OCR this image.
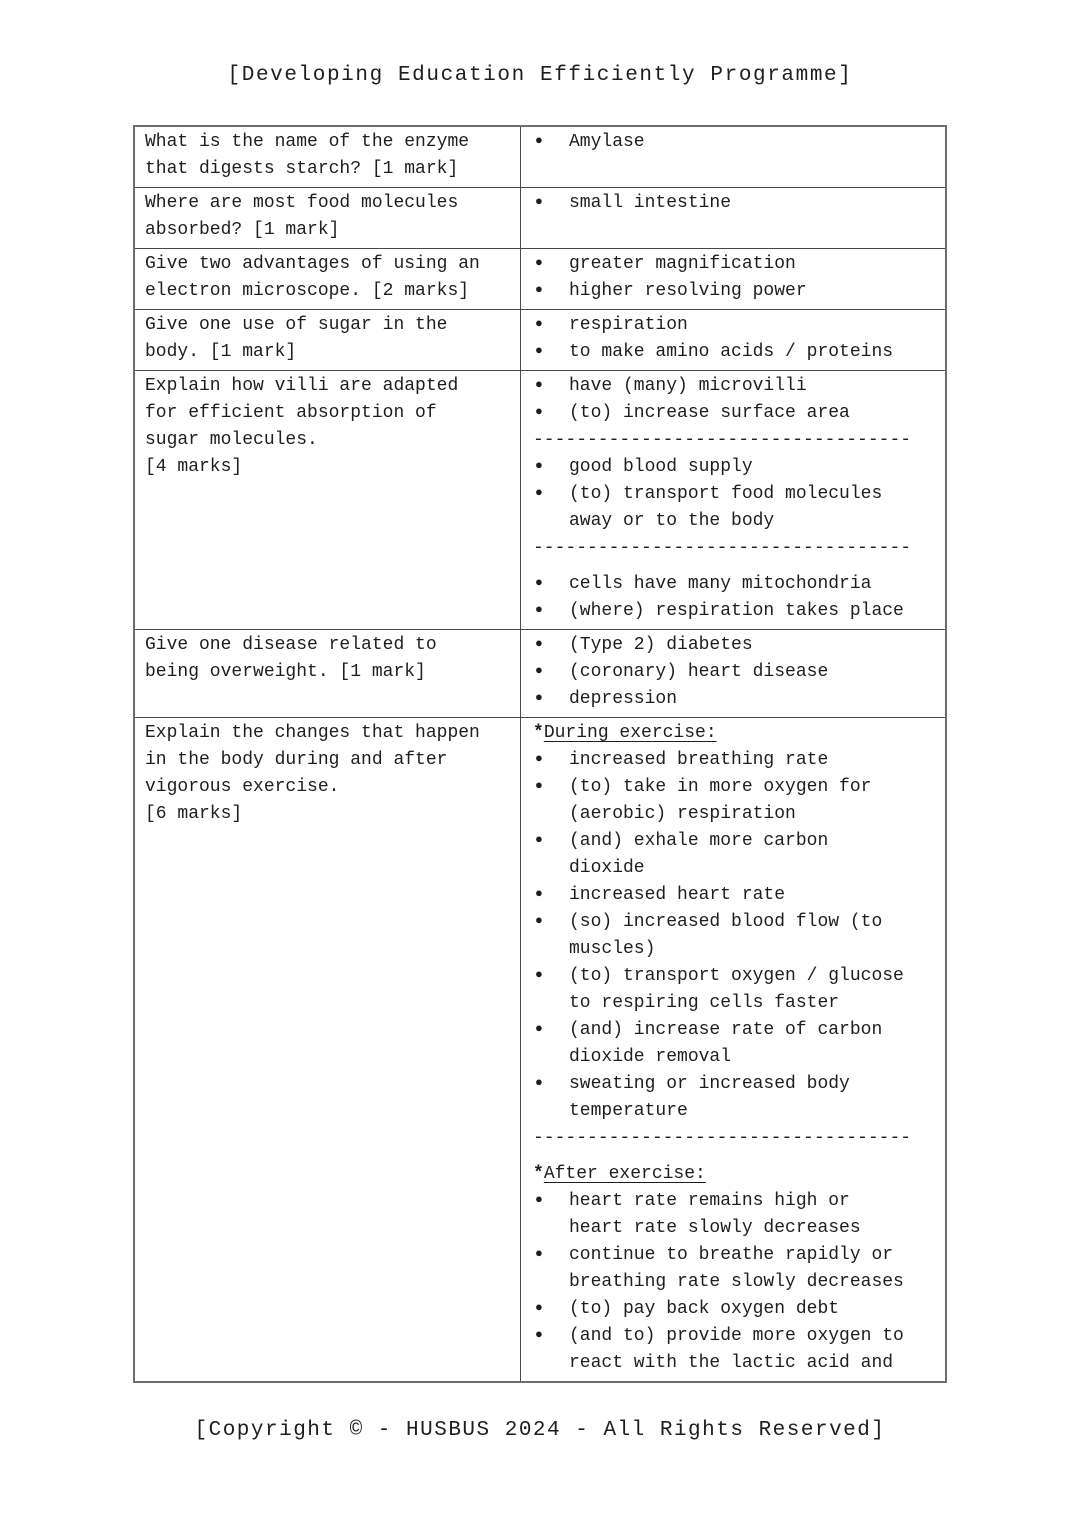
[Developing Education Efficiently Programme]
What is the name of the enzyme
that digests starch? [1 mark]

● Amylase

Where are most food molecules
absorbed? [1 mark]

● small intestine

Give two advantages of using an
electron microscope. [2 marks]

● greater magnification
● higher resolving power

Give one use of sugar in the
body. [1 mark]

● respiration
● to make amino acids / proteins

Explain how villi are adapted
for efficient absorption of
sugar molecules.
[4 marks]

● have (many) microvilli
● (to) increase surface area
-----------------------------------
● good blood supply
● (to) transport food molecules
away or to the body
-----------------------------------
● cells have many mitochondria
● (where) respiration takes place

Give one disease related to
being overweight. [1 mark]

● (Type 2) diabetes
● (coronary) heart disease
● depression

Explain the changes that happen
in the body during and after
vigorous exercise.
[6 marks]

*During exercise:
● increased breathing rate
● (to) take in more oxygen for
(aerobic) respiration
● (and) exhale more carbon
dioxide
● increased heart rate
● (so) increased blood flow (to
muscles)
● (to) transport oxygen / glucose
to respiring cells faster
● (and) increase rate of carbon
dioxide removal
● sweating or increased body
temperature
-----------------------------------
*After exercise:
● heart rate remains high or
heart rate slowly decreases
● continue to breathe rapidly or
breathing rate slowly decreases
● (to) pay back oxygen debt
● (and to) provide more oxygen to
react with the lactic acid and
[Copyright © - HUSBUS 2024 - All Rights Reserved]
